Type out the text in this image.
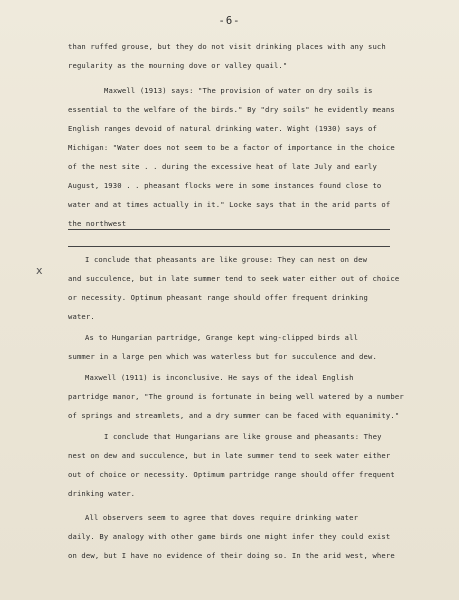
-6-
than ruffed grouse, but they do not visit drinking places with any such
regularity as the mourning dove or valley quail."
Maxwell (1913) says: "The provision of water on dry soils is
essential to the welfare of the birds." By "dry soils" he evidently means
English ranges devoid of natural drinking water. Wight (1930) says of
Michigan: "Water does not seem to be a factor of importance in the choice
of the nest site . . during the excessive heat of late July and early
August, 1930 . . pheasant flocks were in some instances found close to
water and at times actually in it." Locke says that in the arid parts of
the northwest
x
I conclude that pheasants are like grouse: They can nest on dew
and succulence, but in late summer tend to seek water either out of choice
or necessity. Optimum pheasant range should offer frequent drinking
water.
As to Hungarian partridge, Grange kept wing-clipped birds all
summer in a large pen which was waterless but for succulence and dew.
Maxwell (1911) is inconclusive. He says of the ideal English
partridge manor, "The ground is fortunate in being well watered by a number
of springs and streamlets, and a dry summer can be faced with equanimity."
I conclude that Hungarians are like grouse and pheasants: They
nest on dew and succulence, but in late summer tend to seek water either
out of choice or necessity. Optimum partridge range should offer frequent
drinking water.
All observers seem to agree that doves require drinking water
daily. By analogy with other game birds one might infer they could exist
on dew, but I have no evidence of their doing so. In the arid west, where
